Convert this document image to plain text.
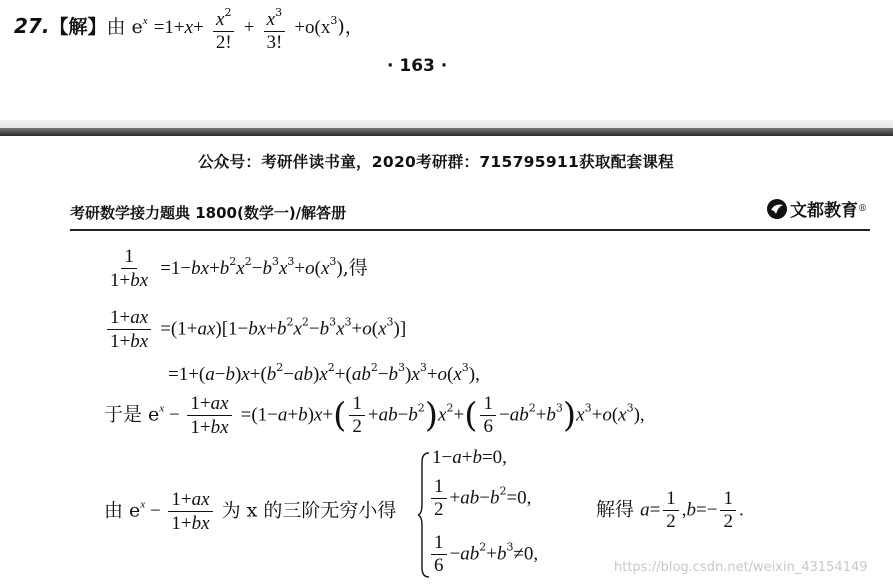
27.【解】由 $e^x =1+x+ \frac{x^2}{2!} + \frac{x^3}{3!} +o(x^3)$，
· 163 ·
公众号：考研伴读书童，2020考研群：715795911获取配套课程
考研数学接力题典 1800(数学一)/解答册	文都教育 ®
$\frac{1}{1+bx} =1-bx+b^2x^2-b^3x^3+o(x^3)$,得
$\frac{1+ax}{1+bx} =(1+ax)[1-bx+b^2x^2-b^3x^3+o(x^3)]$
$=1+(a-b)x+(b^2-ab)x^2+(ab^2-b^3)x^3+o(x^3)$,
于是 $e^x - \frac{1+ax}{1+bx} =(1-a+b)x+( \frac{1}{2} +ab-b^2)x^2+( \frac{1}{6} -ab^2+b^3)x^3+o(x^3)$,
由 $e^x - \frac{1+ax}{1+bx}$ 为 x 的三阶无穷小得
1−a+b=0,
$\frac{1}{2} +ab-b^2=0$,
解得 $a= \frac{1}{2} ,b=- \frac{1}{2}$ .
$\frac{1}{6} -ab^2+b^3\ne 0$,
https://blog.csdn.net/weixin_43154149
